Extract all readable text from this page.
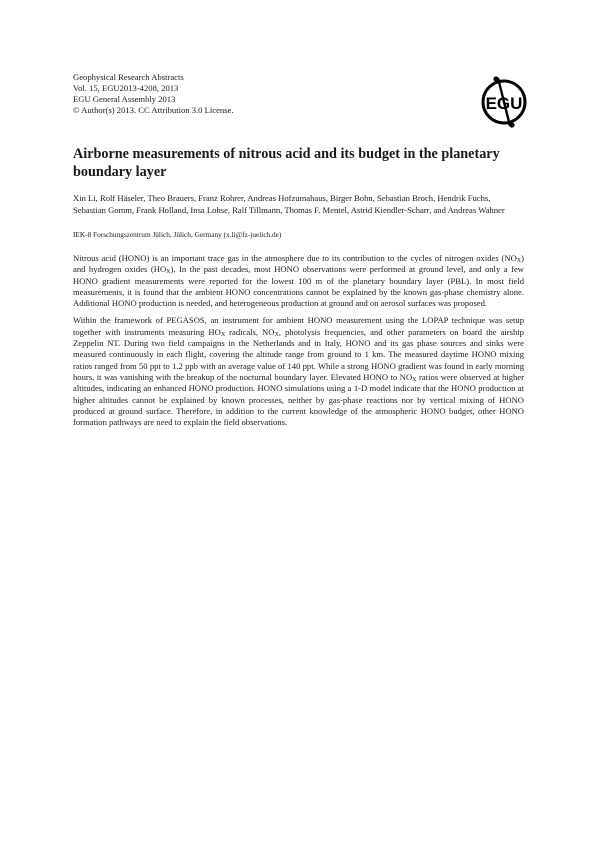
Geophysical Research Abstracts
Vol. 15, EGU2013-4208, 2013
EGU General Assembly 2013
© Author(s) 2013. CC Attribution 3.0 License.	EGU
Airborne measurements of nitrous acid and its budget in the planetary boundary layer

Xin Li, Rolf Häseler, Theo Brauers, Franz Rohrer, Andreas Hofzumahaus, Birger Bohn, Sebastian Broch, Hendrik Fuchs, Sebastian Gomm, Frank Holland, Insa Lohse, Ralf Tillmann, Thomas F. Mentel, Astrid Kiendler-Scharr, and Andreas Wahner

IEK-8 Forschungszentrum Jülich, Jülich, Germany (x.li@fz-juelich.de)

Nitrous acid (HONO) is an important trace gas in the atmosphere due to its contribution to the cycles of nitrogen oxides $(NO_X)$ and hydrogen oxides $(HO_X)$. In the past decades, most HONO observations were performed at ground level, and only a few HONO gradient measurements were reported for the lowest 100 m of the planetary boundary layer (PBL). In most field measurements, it is found that the ambient HONO concentrations cannot be explained by the known gas-phase chemistry alone. Additional HONO production is needed, and heterogeneous production at ground and on aerosol surfaces was proposed.

Within the framework of PEGASOS, an instrument for ambient HONO measurement using the LOPAP technique was setup together with instruments measuring $HO_X$ radicals, $NO_X$, photolysis frequencies, and other parameters on board the airship Zeppelin NT. During two field campaigns in the Netherlands and in Italy, HONO and its gas phase sources and sinks were measured continuously in each flight, covering the altitude range from ground to 1 km. The measured daytime HONO mixing ratios ranged from 50 ppt to 1.2 ppb with an average value of 140 ppt. While a strong HONO gradient was found in early morning hours, it was vanishing with the breakup of the nocturnal boundary layer. Elevated HONO to $NO_X$ ratios were observed at higher altitudes, indicating an enhanced HONO production. HONO simulations using a 1-D model indicate that the HONO production at higher altitudes cannot be explained by known processes, neither by gas-phase reactions nor by vertical mixing of HONO produced at ground surface. Therefore, in addition to the current knowledge of the atmospheric HONO budget, other HONO formation pathways are need to explain the field observations.
